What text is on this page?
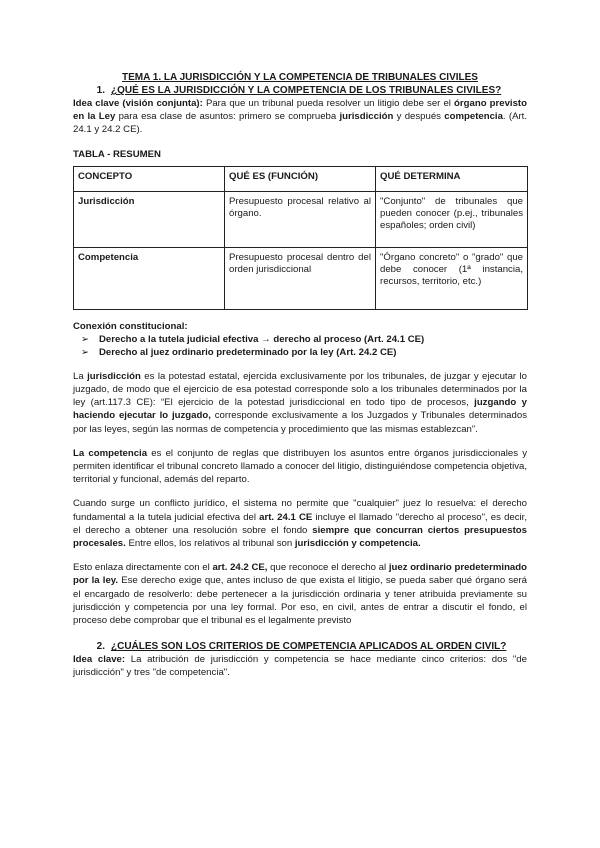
TEMA 1. LA JURISDICCIÓN Y LA COMPETENCIA DE TRIBUNALES CIVILES
1. ¿QUÉ ES LA JURISDICCIÓN Y LA COMPETENCIA DE LOS TRIBUNALES CIVILES?

Idea clave (visión conjunta): Para que un tribunal pueda resolver un litigio debe ser el órgano previsto en la Ley para esa clase de asuntos: primero se comprueba jurisdicción y después competencia. (Art. 24.1 y 24.2 CE).

TABLA - RESUMEN
CONCEPTO	QUÉ ES (FUNCIÓN)	QUÉ DETERMINA
Jurisdicción	Presupuesto procesal relativo al órgano.	"Conjunto" de tribunales que pueden conocer (p.ej., tribunales españoles; orden civil)
Competencia	Presupuesto procesal dentro del orden jurisdiccional	"Órgano concreto" o "grado" que debe conocer (1ª instancia, recursos, territorio, etc.)

Conexión constitucional:

➢ Derecho a la tutela judicial efectiva → derecho al proceso (Art. 24.1 CE)
➢ Derecho al juez ordinario predeterminado por la ley (Art. 24.2 CE)

La jurisdicción es la potestad estatal, ejercida exclusivamente por los tribunales, de juzgar y ejecutar lo juzgado, de modo que el ejercicio de esa potestad corresponde solo a los tribunales determinados por la ley (art.117.3 CE): “El ejercicio de la potestad jurisdiccional en todo tipo de procesos, juzgando y haciendo ejecutar lo juzgado, corresponde exclusivamente a los Juzgados y Tribunales determinados por las leyes, según las normas de competencia y procedimiento que las mismas establezcan”.

La competencia es el conjunto de reglas que distribuyen los asuntos entre órganos jurisdiccionales y permiten identificar el tribunal concreto llamado a conocer del litigio, distinguiéndose competencia objetiva, territorial y funcional, además del reparto.

Cuando surge un conflicto jurídico, el sistema no permite que "cualquier" juez lo resuelva: el derecho fundamental a la tutela judicial efectiva del art. 24.1 CE incluye el llamado "derecho al proceso", es decir, el derecho a obtener una resolución sobre el fondo siempre que concurran ciertos presupuestos procesales. Entre ellos, los relativos al tribunal son jurisdicción y competencia.

Esto enlaza directamente con el art. 24.2 CE, que reconoce el derecho al juez ordinario predeterminado por la ley. Ese derecho exige que, antes incluso de que exista el litigio, se pueda saber qué órgano será el encargado de resolverlo: debe pertenecer a la jurisdicción ordinaria y tener atribuida previamente su jurisdicción y competencia por una ley formal. Por eso, en civil, antes de entrar a discutir el fondo, el proceso debe comprobar que el tribunal es el legalmente previsto

2. ¿CUÁLES SON LOS CRITERIOS DE COMPETENCIA APLICADOS AL ORDEN CIVIL?

Idea clave: La atribución de jurisdicción y competencia se hace mediante cinco criterios: dos "de jurisdicción" y tres "de competencia".
